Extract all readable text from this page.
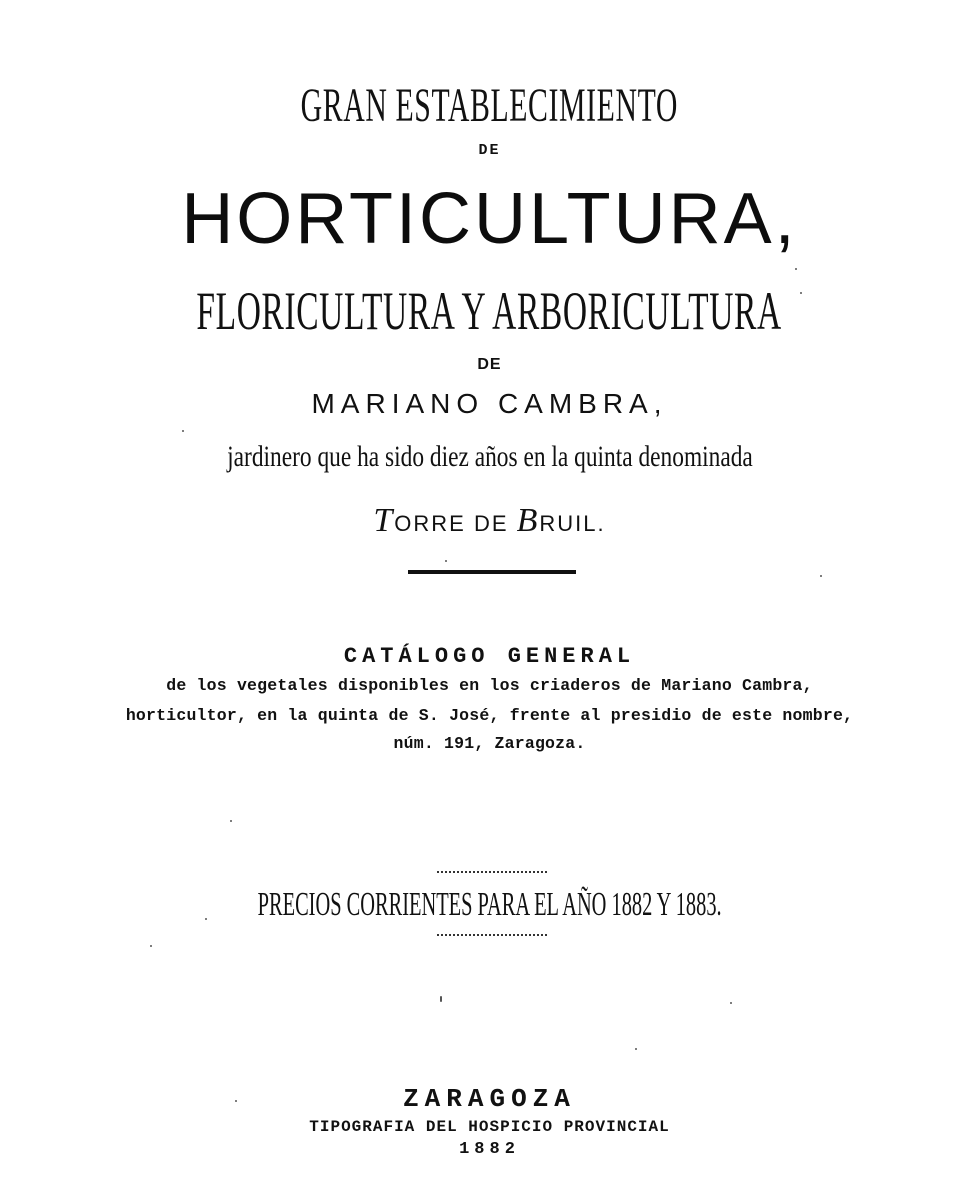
GRAN ESTABLECIMIENTO
DE
HORTICULTURA,
FLORICULTURA Y ARBORICULTURA
DE
MARIANO CAMBRA,
jardinero que ha sido diez años en la quinta denominada
TORRE DE BRUIL.
CATÁLOGO GENERAL
de los vegetales disponibles en los criaderos de Mariano Cambra,
horticultor, en la quinta de S. José, frente al presidio de este nombre,
núm. 191, Zaragoza.
PRECIOS CORRIENTES PARA EL AÑO 1882 Y 1883.
ZARAGOZA
TIPOGRAFIA DEL HOSPICIO PROVINCIAL
1882
